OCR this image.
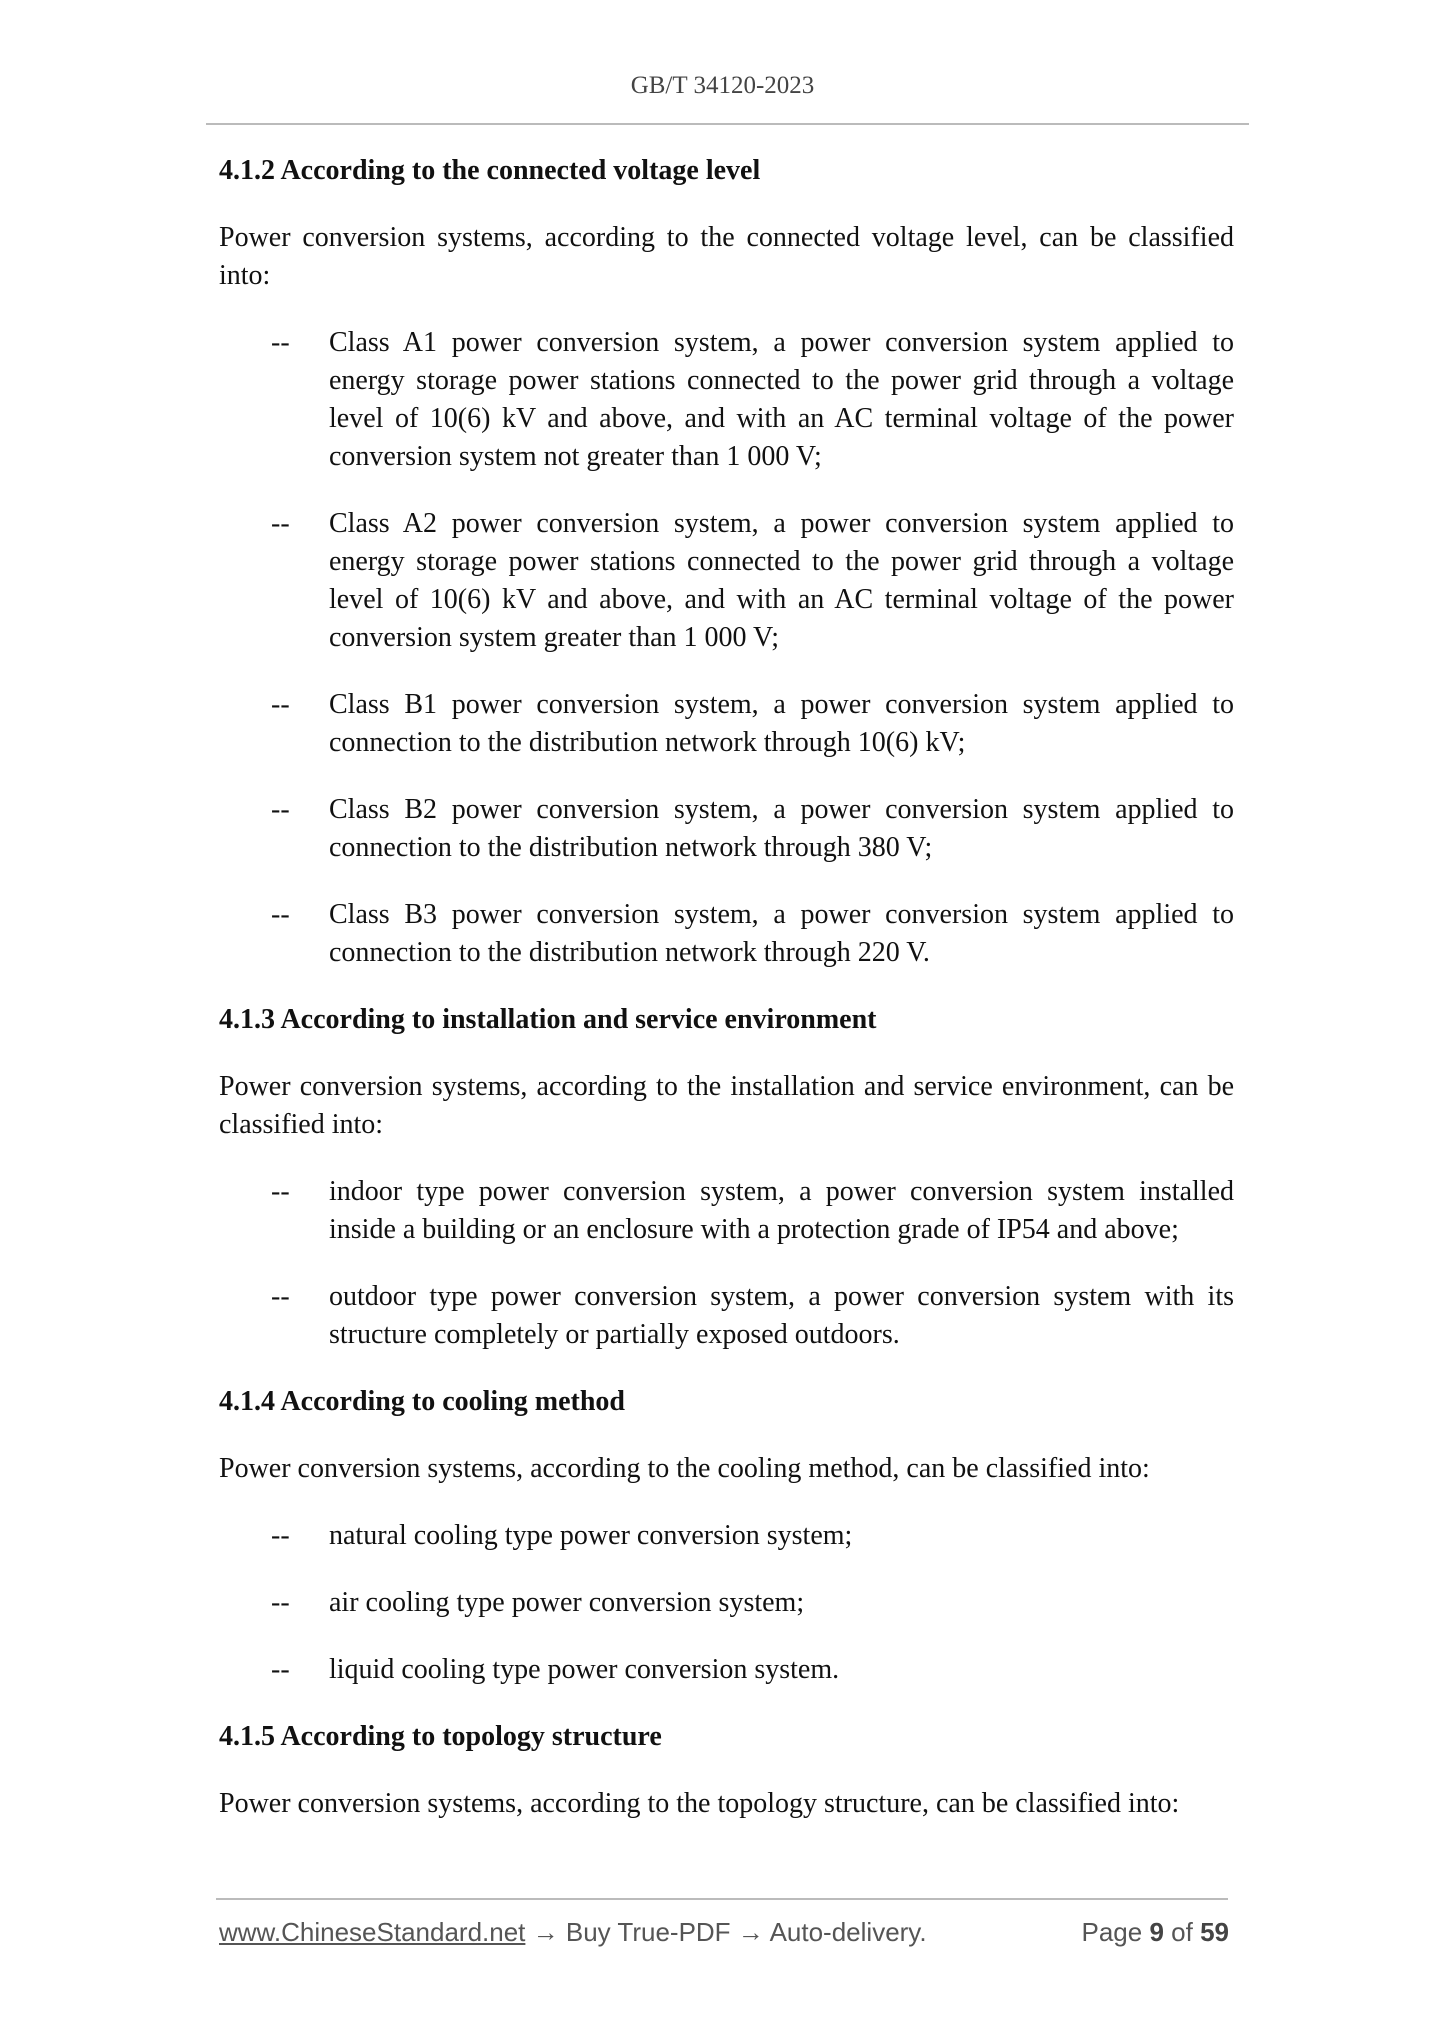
GB/T 34120-2023
4.1.2 According to the connected voltage level
Power conversion systems, according to the connected voltage level, can be classified into:
--	Class A1 power conversion system, a power conversion system applied to energy storage power stations connected to the power grid through a voltage level of 10(6) kV and above, and with an AC terminal voltage of the power conversion system not greater than 1 000 V;
--	Class A2 power conversion system, a power conversion system applied to energy storage power stations connected to the power grid through a voltage level of 10(6) kV and above, and with an AC terminal voltage of the power conversion system greater than 1 000 V;
--	Class B1 power conversion system, a power conversion system applied to connection to the distribution network through 10(6) kV;
--	Class B2 power conversion system, a power conversion system applied to connection to the distribution network through 380 V;
--	Class B3 power conversion system, a power conversion system applied to connection to the distribution network through 220 V.
4.1.3 According to installation and service environment
Power conversion systems, according to the installation and service environment, can be classified into:
--	indoor type power conversion system, a power conversion system installed inside a building or an enclosure with a protection grade of IP54 and above;
--	outdoor type power conversion system, a power conversion system with its structure completely or partially exposed outdoors.
4.1.4 According to cooling method
Power conversion systems, according to the cooling method, can be classified into:
--	natural cooling type power conversion system;
--	air cooling type power conversion system;
--	liquid cooling type power conversion system.
4.1.5 According to topology structure
Power conversion systems, according to the topology structure, can be classified into:
www.ChineseStandard.net → Buy True-PDF → Auto-delivery.	Page 9 of 59
